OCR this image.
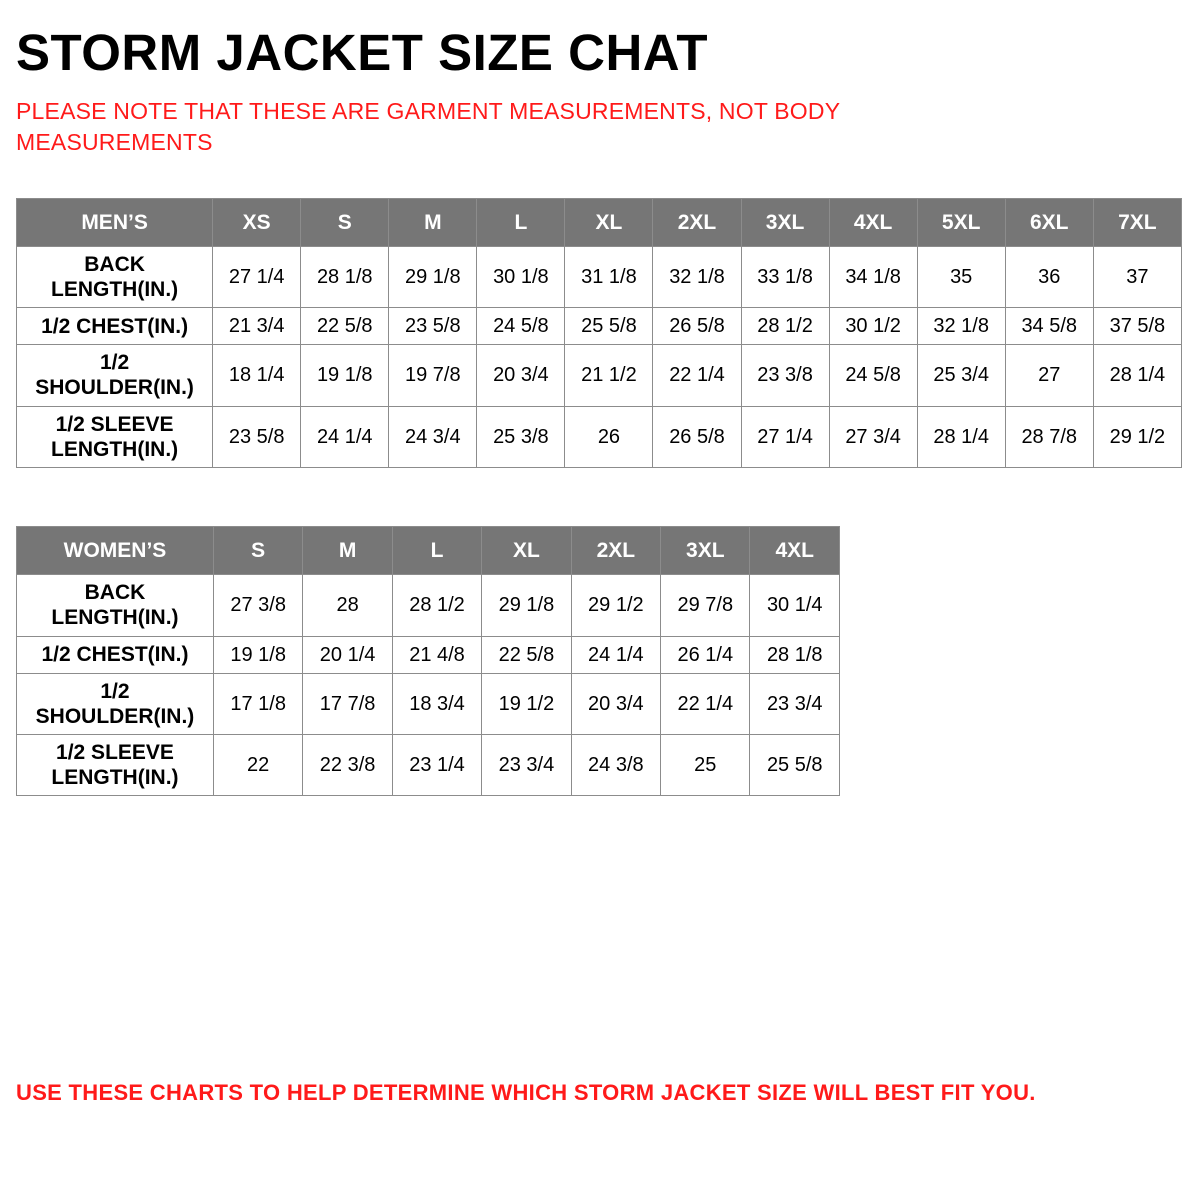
STORM JACKET SIZE CHAT

PLEASE NOTE THAT THESE ARE GARMENT MEASUREMENTS, NOT BODY MEASUREMENTS

MEN’S	XS	S	M	L	XL	2XL	3XL	4XL	5XL	6XL	7XL
BACK LENGTH(IN.)	27 1/4	28 1/8	29 1/8	30 1/8	31 1/8	32 1/8	33 1/8	34 1/8	35	36	37
1/2 CHEST(IN.)	21 3/4	22 5/8	23 5/8	24 5/8	25 5/8	26 5/8	28 1/2	30 1/2	32 1/8	34 5/8	37 5/8
1/2 SHOULDER(IN.)	18 1/4	19 1/8	19 7/8	20 3/4	21 1/2	22 1/4	23 3/8	24 5/8	25 3/4	27	28 1/4
1/2 SLEEVE LENGTH(IN.)	23 5/8	24 1/4	24 3/4	25 3/8	26	26 5/8	27 1/4	27 3/4	28 1/4	28 7/8	29 1/2
WOMEN’S	S	M	L	XL	2XL	3XL	4XL
BACK LENGTH(IN.)	27 3/8	28	28 1/2	29 1/8	29 1/2	29 7/8	30 1/4
1/2 CHEST(IN.)	19 1/8	20 1/4	21 4/8	22 5/8	24 1/4	26 1/4	28 1/8
1/2 SHOULDER(IN.)	17 1/8	17 7/8	18 3/4	19 1/2	20 3/4	22 1/4	23 3/4
1/2 SLEEVE LENGTH(IN.)	22	22 3/8	23 1/4	23 3/4	24 3/8	25	25 5/8
USE THESE CHARTS TO HELP DETERMINE WHICH STORM JACKET SIZE WILL BEST FIT YOU.
